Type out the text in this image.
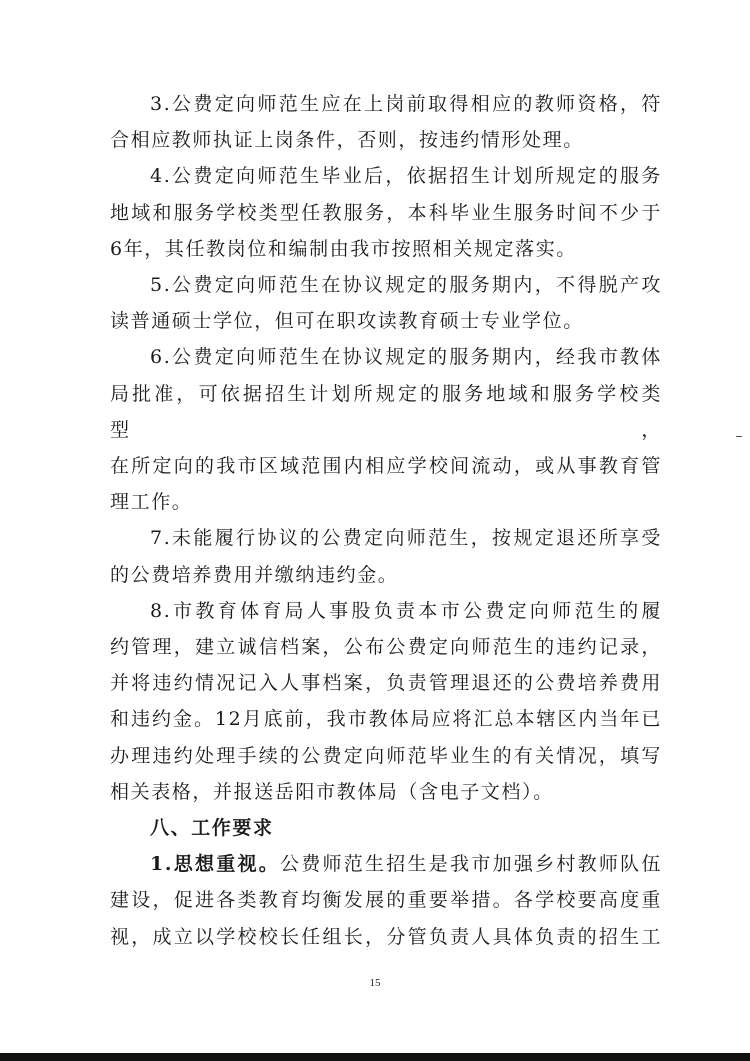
3.公费定向师范生应在上岗前取得相应的教师资格，符

合相应教师执证上岗条件，否则，按违约情形处理。

4.公费定向师范生毕业后，依据招生计划所规定的服务

地域和服务学校类型任教服务，本科毕业生服务时间不少于

6年，其任教岗位和编制由我市按照相关规定落实。

5.公费定向师范生在协议规定的服务期内，不得脱产攻

读普通硕士学位，但可在职攻读教育硕士专业学位。

6.公费定向师范生在协议规定的服务期内，经我市教体

局批准，可依据招生计划所规定的服务地域和服务学校类型，

在所定向的我市区域范围内相应学校间流动，或从事教育管

理工作。

7.未能履行协议的公费定向师范生，按规定退还所享受

的公费培养费用并缴纳违约金。

8.市教育体育局人事股负责本市公费定向师范生的履

约管理，建立诚信档案，公布公费定向师范生的违约记录，

并将违约情况记入人事档案，负责管理退还的公费培养费用

和违约金。12月底前，我市教体局应将汇总本辖区内当年已

办理违约处理手续的公费定向师范毕业生的有关情况，填写

相关表格，并报送岳阳市教体局（含电子文档）。

八、工作要求

1.思想重视。公费师范生招生是我市加强乡村教师队伍

建设，促进各类教育均衡发展的重要举措。各学校要高度重

视，成立以学校校长任组长，分管负责人具体负责的招生工

15
